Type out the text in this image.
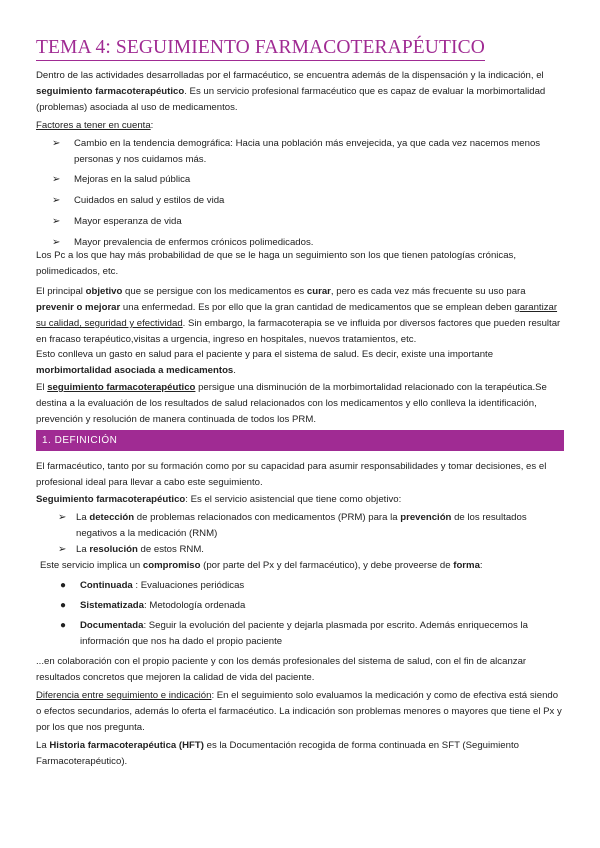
TEMA 4: SEGUIMIENTO FARMACOTERAPÉUTICO

Dentro de las actividades desarrolladas por el farmacéutico, se encuentra además de la dispensación y la indicación, el seguimiento farmacoterapéutico. Es un servicio profesional farmacéutico que es capaz de evaluar la morbimortalidad (problemas) asociada al uso de medicamentos.

Factores a tener en cuenta:

➢ Cambio en la tendencia demográfica: Hacia una población más envejecida, ya que cada vez nacemos menos personas y nos cuidamos más.
➢ Mejoras en la salud pública
➢ Cuidados en salud y estilos de vida
➢ Mayor esperanza de vida
➢ Mayor prevalencia de enfermos crónicos polimedicados.

Los Pc a los que hay más probabilidad de que se le haga un seguimiento son los que tienen patologías crónicas, polimedicados, etc.

El principal objetivo que se persigue con los medicamentos es curar, pero es cada vez más frecuente su uso para prevenir o mejorar una enfermedad. Es por ello que la gran cantidad de medicamentos que se emplean deben garantizar su calidad, seguridad y efectividad. Sin embargo, la farmacoterapia se ve influida por diversos factores que pueden resultar en fracaso terapéutico,visitas a urgencia, ingreso en hospitales, nuevos tratamientos, etc.

Esto conlleva un gasto en salud para el paciente y para el sistema de salud. Es decir, existe una importante morbimortalidad asociada a medicamentos.

El seguimiento farmacoterapéutico persigue una disminución de la morbimortalidad relacionado con la terapéutica.Se destina a la evaluación de los resultados de salud relacionados con los medicamentos y ello conlleva la identificación, prevención y resolución de manera continuada de todos los PRM.

1. DEFINICIÓN

El farmacéutico, tanto por su formación como por su capacidad para asumir responsabilidades y tomar decisiones, es el profesional ideal para llevar a cabo este seguimiento.

Seguimiento farmacoterapéutico: Es el servicio asistencial que tiene como objetivo:

➢ La detección de problemas relacionados con medicamentos (PRM) para la prevención de los resultados negativos a la medicación (RNM)
➢ La resolución de estos RNM.

Este servicio implica un compromiso (por parte del Px y del farmacéutico), y debe proveerse de forma:

● Continuada : Evaluaciones periódicas
● Sistematizada: Metodología ordenada
● Documentada: Seguir la evolución del paciente y dejarla plasmada por escrito. Además enriquecemos la información que nos ha dado el propio paciente

...en colaboración con el propio paciente y con los demás profesionales del sistema de salud, con el fin de alcanzar resultados concretos que mejoren la calidad de vida del paciente.

Diferencia entre seguimiento e indicación: En el seguimiento solo evaluamos la medicación y como de efectiva está siendo o efectos secundarios, además lo oferta el farmacéutico. La indicación son problemas menores o mayores que tiene el Px y por los que nos pregunta.

La Historia farmacoterapéutica (HFT) es la Documentación recogida de forma continuada en SFT (Seguimiento Farmacoterapéutico).
